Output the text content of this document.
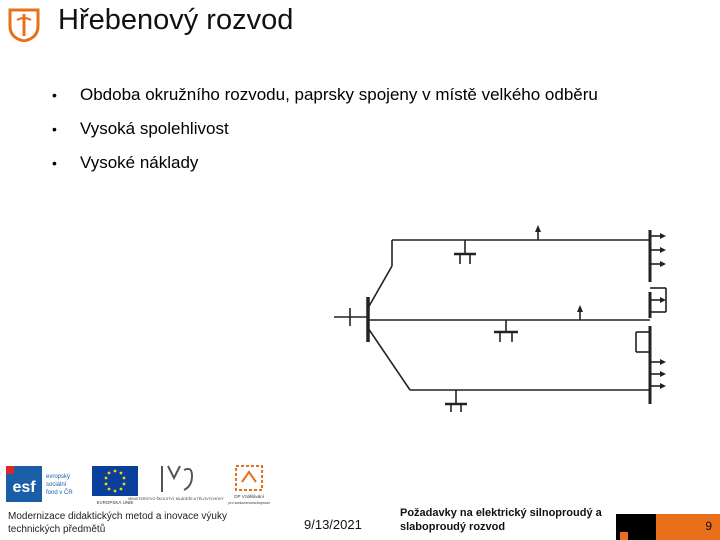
Hřebenový rozvod
• Obdoba okružního rozvodu, paprsky spojeny v místě velkého odběru
• Vysoká spolehlivost
• Vysoké náklady
esf
evropský
sociální
fond v ČR
EVROPSKÁ UNIE
MINISTERSTVO ŠKOLSTVÍ, MLÁDEŽE A TĚLOVÝCHOVY OP Vzdělávání
pro konkurenceschopnost
Modernizace didaktických metod a inovace výuky technických předmětů	9/13/2021
Požadavky na elektrický silnoproudý a slaboproudý rozvod	9
